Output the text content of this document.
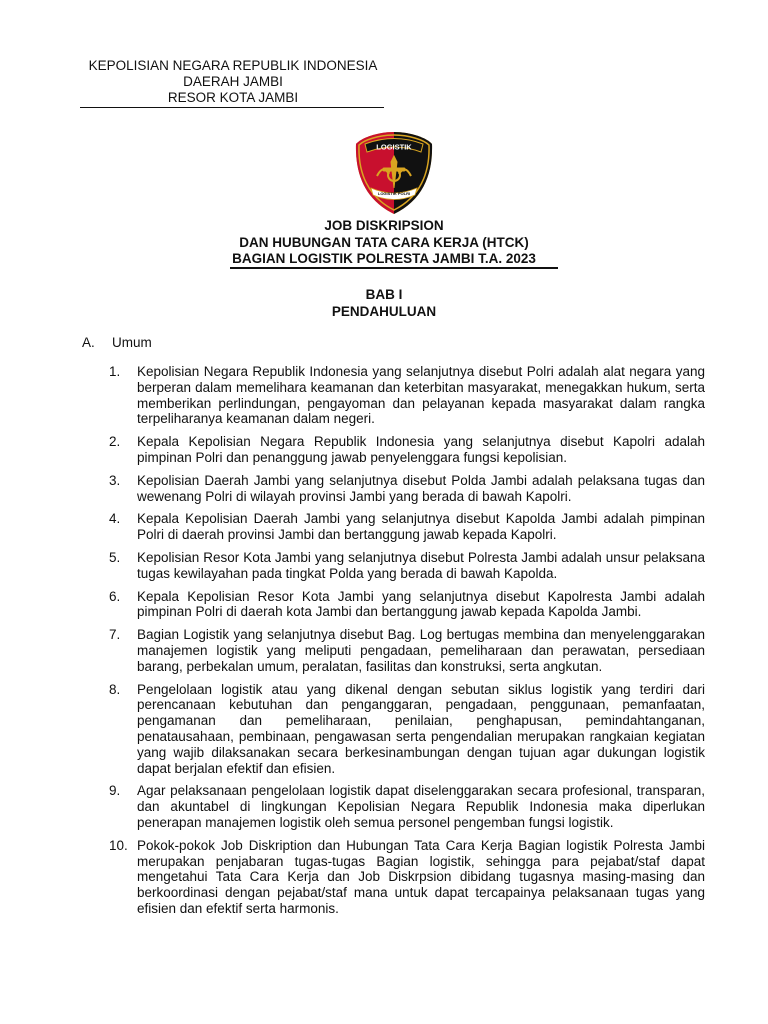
KEPOLISIAN NEGARA REPUBLIK INDONESIA
DAERAH JAMBI
RESOR KOTA JAMBI
LOGISTIK
LOGISTIK POLRI
JOB DISKRIPSION
DAN HUBUNGAN TATA CARA KERJA (HTCK)
BAGIAN LOGISTIK POLRESTA JAMBI T.A. 2023
BAB I
PENDAHULUAN
A.	Umum
1.	Kepolisian Negara Republik Indonesia yang selanjutnya disebut Polri adalah alat negara yang berperan dalam memelihara keamanan dan keterbitan masyarakat, menegakkan hukum, serta memberikan perlindungan, pengayoman dan pelayanan kepada masyarakat dalam rangka terpeliharanya keamanan dalam negeri.
2.	Kepala Kepolisian Negara Republik Indonesia yang selanjutnya disebut Kapolri adalah pimpinan Polri dan penanggung jawab penyelenggara fungsi kepolisian.
3.	Kepolisian Daerah Jambi yang selanjutnya disebut Polda Jambi adalah pelaksana tugas dan wewenang Polri di wilayah provinsi Jambi yang berada di bawah Kapolri.
4.	Kepala Kepolisian Daerah Jambi yang selanjutnya disebut Kapolda Jambi adalah pimpinan Polri di daerah provinsi Jambi dan bertanggung jawab kepada Kapolri.
5.	Kepolisian Resor Kota Jambi yang selanjutnya disebut Polresta Jambi adalah unsur pelaksana tugas kewilayahan pada tingkat Polda yang berada di bawah Kapolda.
6.	Kepala Kepolisian Resor Kota Jambi yang selanjutnya disebut Kapolresta Jambi adalah pimpinan Polri di daerah kota Jambi dan bertanggung jawab kepada Kapolda Jambi.
7.	Bagian Logistik yang selanjutnya disebut Bag. Log bertugas membina dan menyelenggarakan manajemen logistik yang meliputi pengadaan, pemeliharaan dan perawatan, persediaan barang, perbekalan umum, peralatan, fasilitas dan konstruksi, serta angkutan.
8.	Pengelolaan logistik atau yang dikenal dengan sebutan siklus logistik yang terdiri dari perencanaan kebutuhan dan penganggaran, pengadaan, penggunaan, pemanfaatan, pengamanan dan pemeliharaan, penilaian, penghapusan, pemindahtanganan, penatausahaan, pembinaan, pengawasan serta pengendalian merupakan rangkaian kegiatan yang wajib dilaksanakan secara berkesinambungan dengan tujuan agar dukungan logistik dapat berjalan efektif dan efisien.
9.	Agar pelaksanaan pengelolaan logistik dapat diselenggarakan secara profesional, transparan, dan akuntabel di lingkungan Kepolisian Negara Republik Indonesia maka diperlukan penerapan manajemen logistik oleh semua personel pengemban fungsi logistik.
10. Pokok-pokok Job Diskription dan Hubungan Tata Cara Kerja Bagian logistik Polresta Jambi merupakan penjabaran tugas-tugas Bagian logistik, sehingga para pejabat/staf dapat mengetahui Tata Cara Kerja dan Job Diskrpsion dibidang tugasnya masing-masing dan berkoordinasi dengan pejabat/staf mana untuk dapat tercapainya pelaksanaan tugas yang efisien dan efektif serta harmonis.
